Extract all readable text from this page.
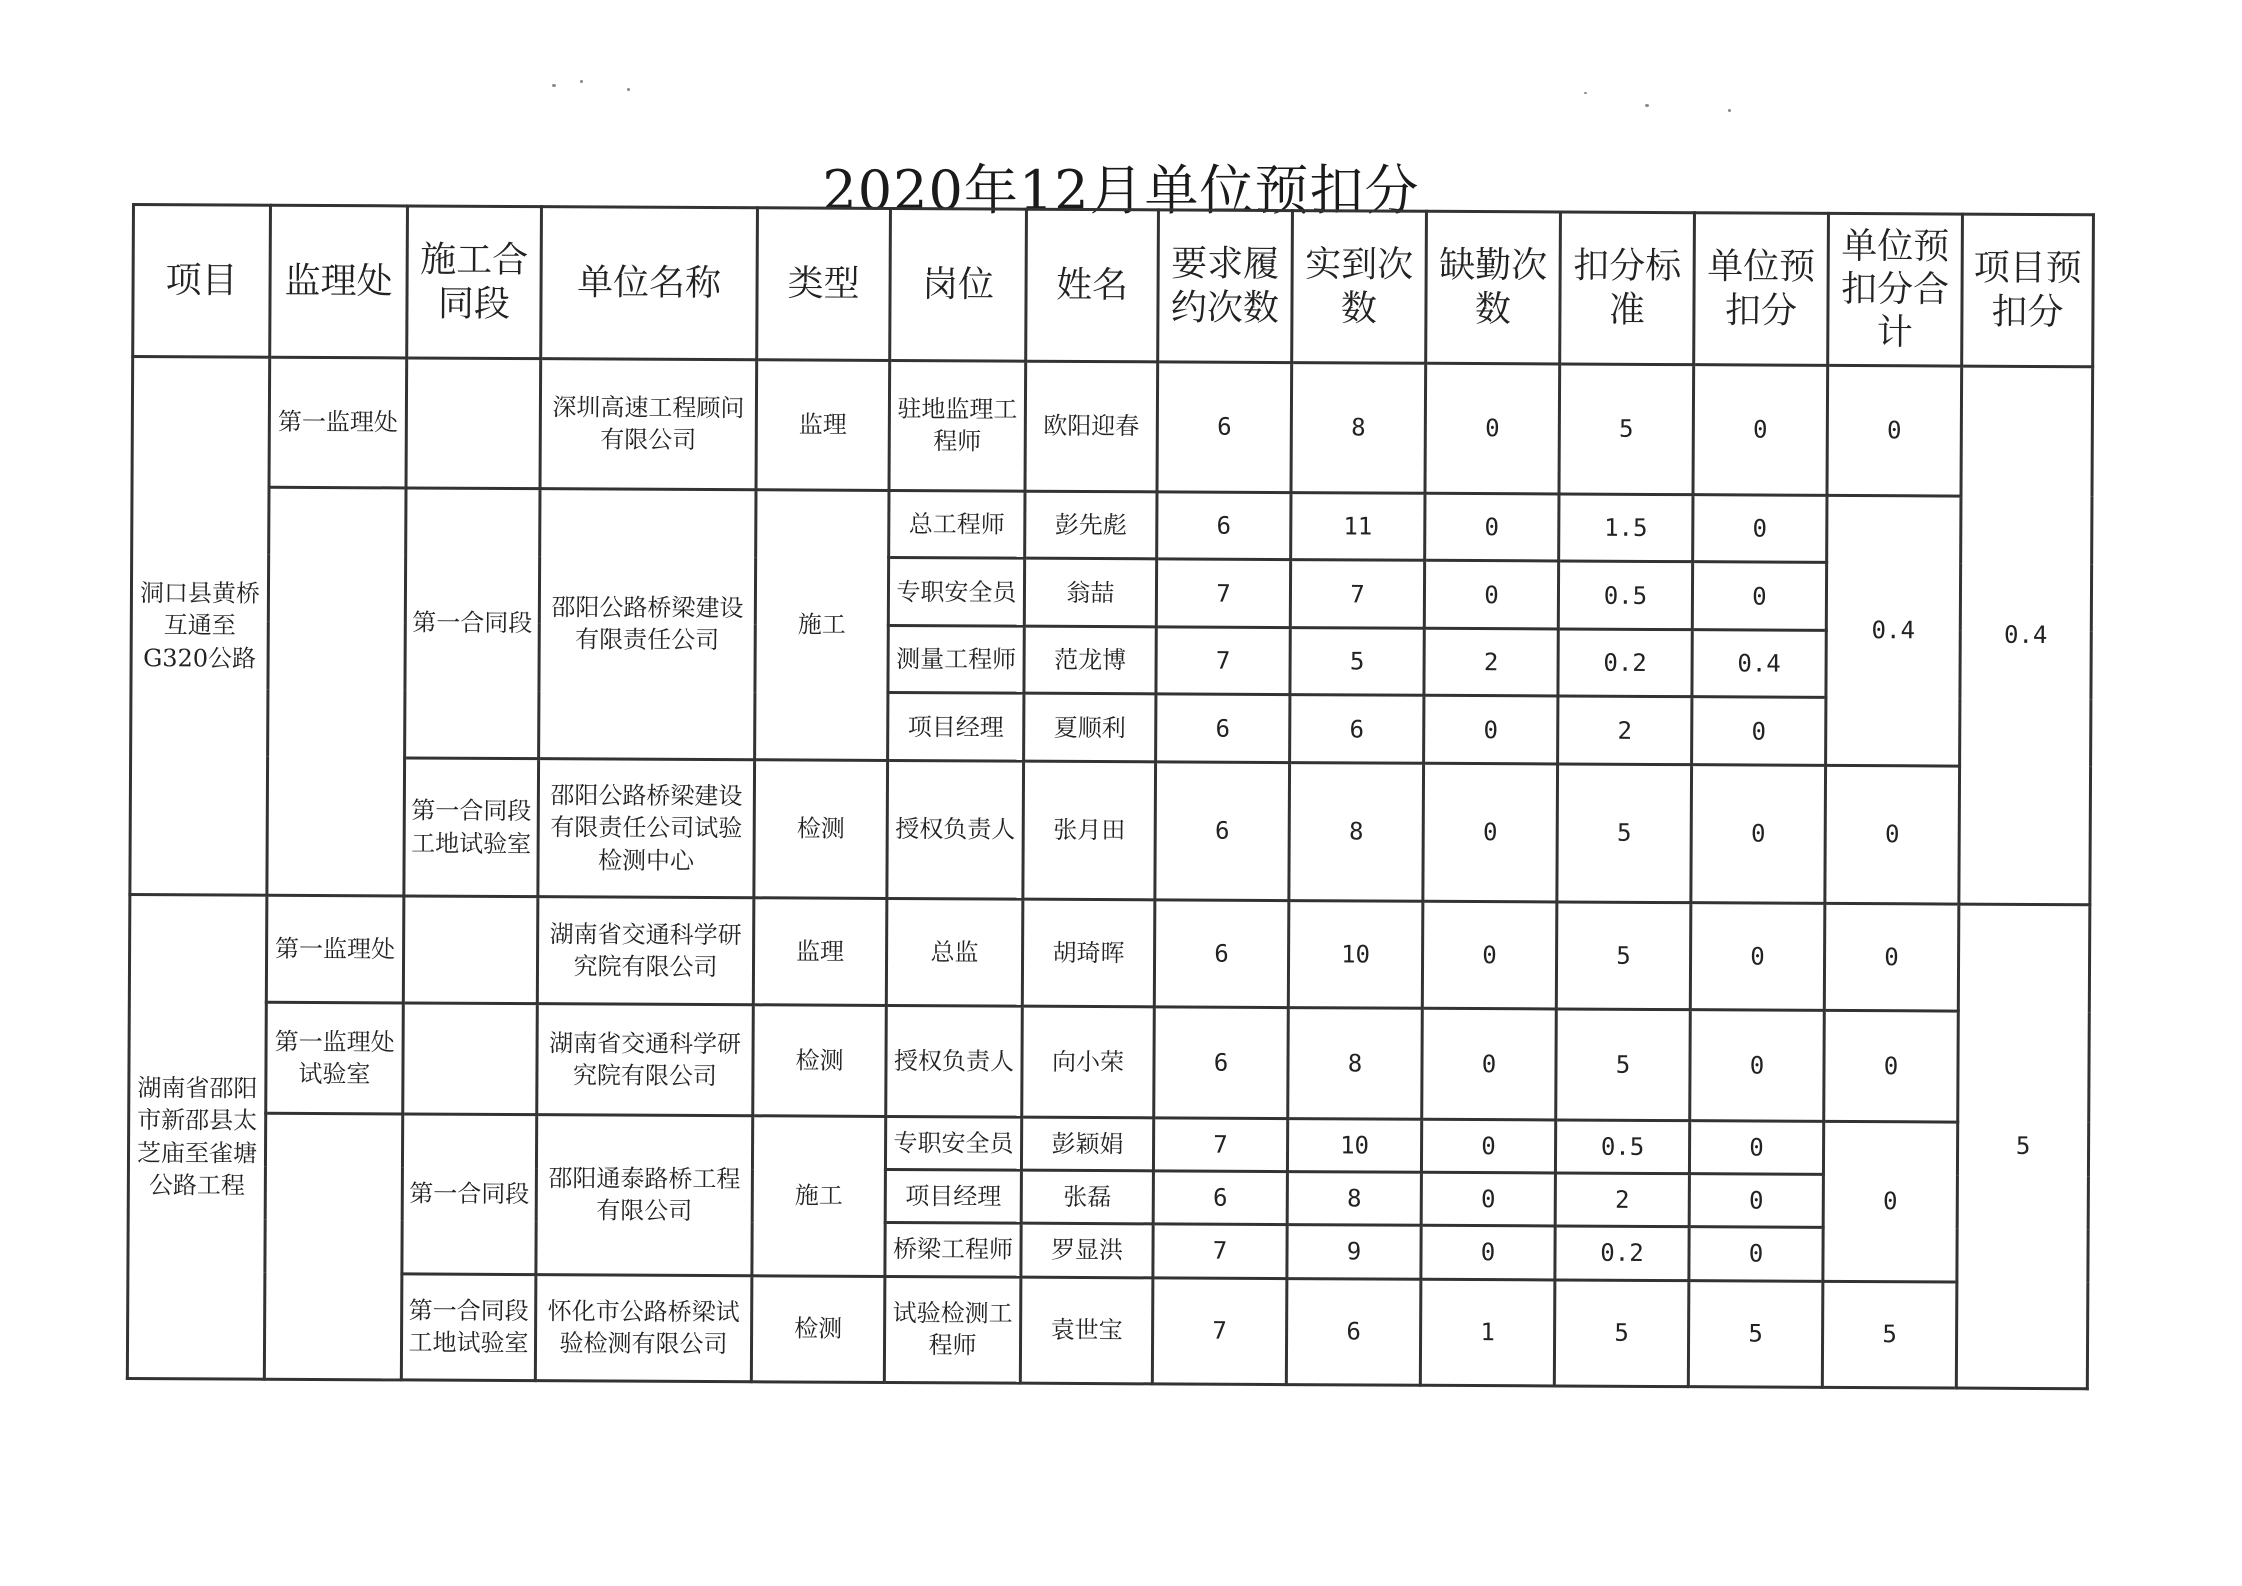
2020年12月单位预扣分
项目	监理处	施工合同段	单位名称	类型	岗位	姓名	要求履约次数	实到次数	缺勤次数	扣分标准	单位预扣分	单位预扣分合计	项目预扣分
洞口县黄桥互通至G320公路	第一监理处		深圳高速工程顾问有限公司	监理	驻地监理工程师	欧阳迎春	6	8	0	5	0	0	0.4
		第一合同段	邵阳公路桥梁建设有限责任公司	施工	总工程师	彭先彪	6	11	0	1.5	0	0.4	
					专职安全员	翁喆	7	7	0	0.5	0		
					测量工程师	范龙博	7	5	2	0.2	0.4		
					项目经理	夏顺利	6	6	0	2	0		
		第一合同段工地试验室	邵阳公路桥梁建设有限责任公司试验检测中心	检测	授权负责人	张月田	6	8	0	5	0	0	
湖南省邵阳市新邵县太芝庙至雀塘公路工程	第一监理处		湖南省交通科学研究院有限公司	监理	总监	胡琦晖	6	10	0	5	0	0	5
	第一监理处试验室		湖南省交通科学研究院有限公司	检测	授权负责人	向小荣	6	8	0	5	0	0	
		第一合同段	邵阳通泰路桥工程有限公司	施工	专职安全员	彭颖娟	7	10	0	0.5	0	0	
					项目经理	张磊	6	8	0	2	0		
					桥梁工程师	罗显洪	7	9	0	0.2	0		
		第一合同段工地试验室	怀化市公路桥梁试验检测有限公司	检测	试验检测工程师	袁世宝	7	6	1	5	5	5	
